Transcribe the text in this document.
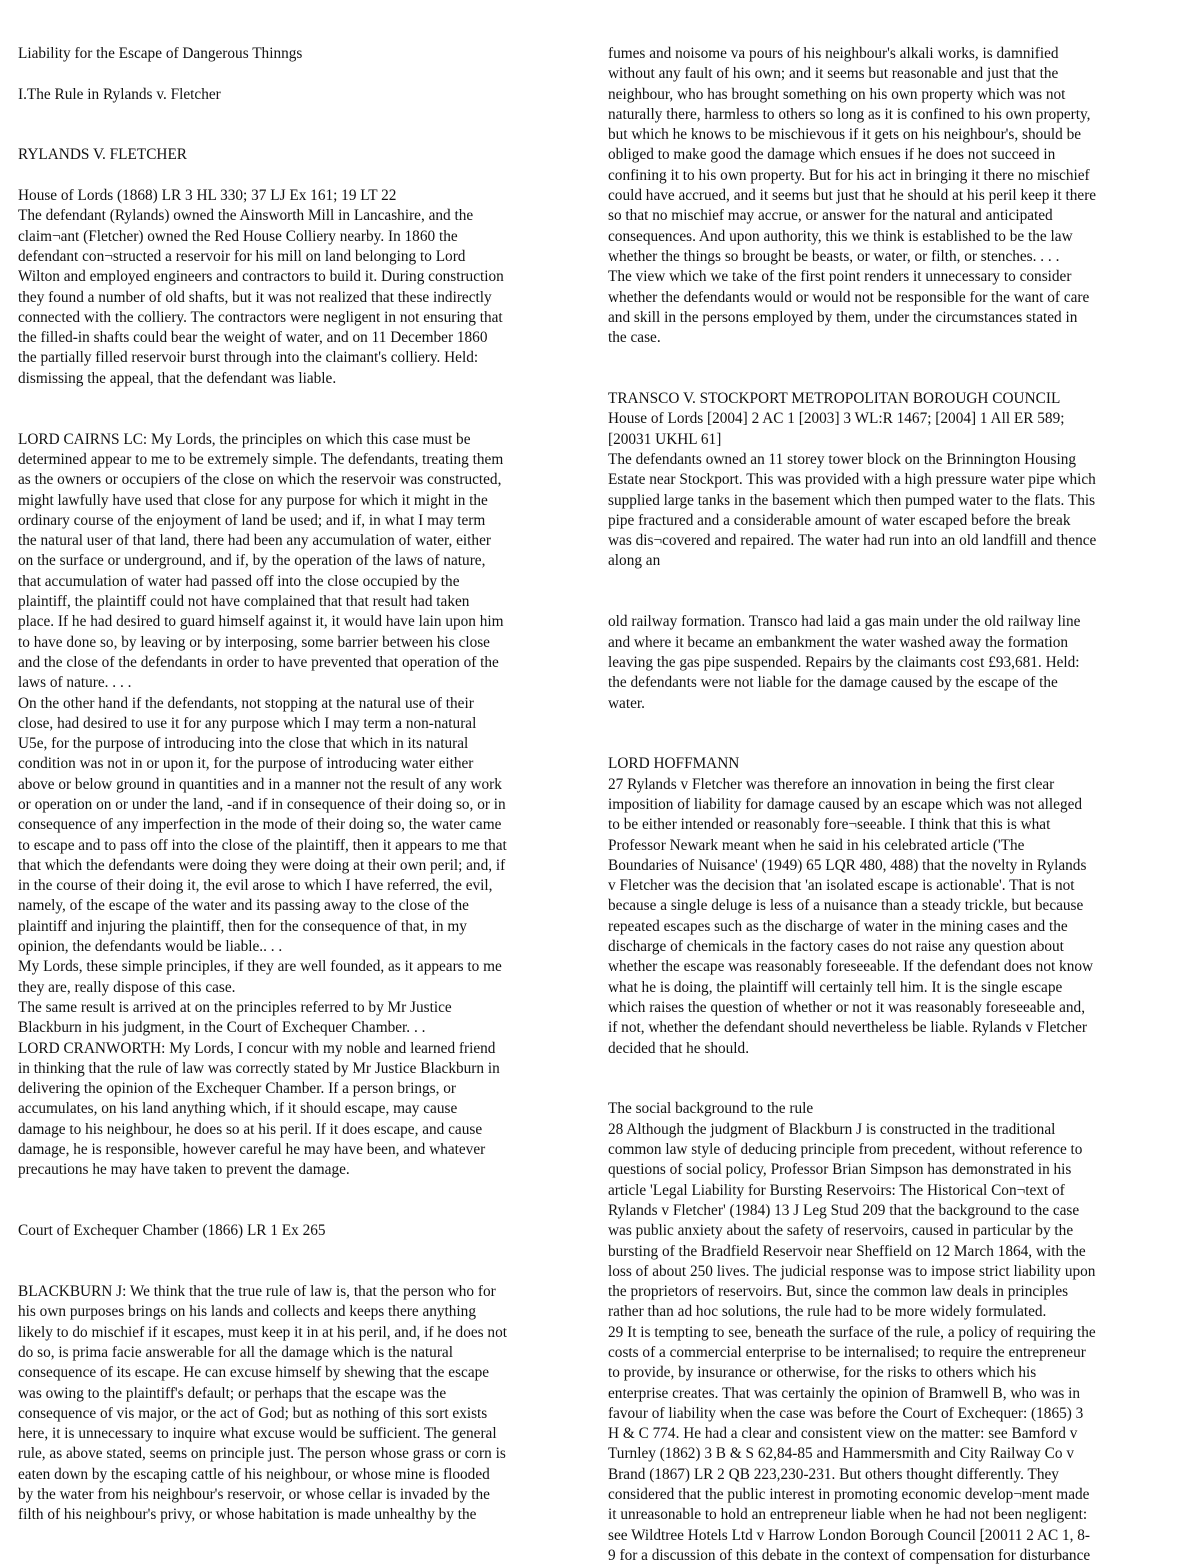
Liability for the Escape of Dangerous Thinngs
I.The Rule in Rylands v. Fletcher
RYLANDS V. FLETCHER
House of Lords (1868) LR 3 HL 330; 37 LJ Ex 161; 19 LT 22
The defendant (Rylands) owned the Ainsworth Mill in Lancashire, and the
claim¬ant (Fletcher) owned the Red House Colliery nearby. In 1860 the
defendant con¬structed a reservoir for his mill on land belonging to Lord
Wilton and employed engineers and contractors to build it. During construction
they found a number of old shafts, but it was not realized that these indirectly
connected with the colliery. The contractors were negligent in not ensuring that
the filled-in shafts could bear the weight of water, and on 11 December 1860
the partially filled reservoir burst through into the claimant's colliery. Held:
dismissing the appeal, that the defendant was liable.
LORD CAIRNS LC: My Lords, the principles on which this case must be
determined appear to me to be extremely simple. The defendants, treating them
as the owners or occupiers of the close on which the reservoir was constructed,
might lawfully have used that close for any purpose for which it might in the
ordinary course of the enjoyment of land be used; and if, in what I may term
the natural user of that land, there had been any accumulation of water, either
on the surface or underground, and if, by the operation of the laws of nature,
that accumulation of water had passed off into the close occupied by the
plaintiff, the plaintiff could not have complained that that result had taken
place. If he had desired to guard himself against it, it would have lain upon him
to have done so, by leaving or by interposing, some barrier between his close
and the close of the defendants in order to have prevented that operation of the
laws of nature. . . .
On the other hand if the defendants, not stopping at the natural use of their
close, had desired to use it for any purpose which I may term a non-natural
U5e, for the purpose of introducing into the close that which in its natural
condition was not in or upon it, for the purpose of introducing water either
above or below ground in quantities and in a manner not the result of any work
or operation on or under the land, -and if in consequence of their doing so, or in
consequence of any imperfection in the mode of their doing so, the water came
to escape and to pass off into the close of the plaintiff, then it appears to me that
that which the defendants were doing they were doing at their own peril; and, if
in the course of their doing it, the evil arose to which I have referred, the evil,
namely, of the escape of the water and its passing away to the close of the
plaintiff and injuring the plaintiff, then for the consequence of that, in my
opinion, the defendants would be liable.. . .
My Lords, these simple principles, if they are well founded, as it appears to me
they are, really dispose of this case.
The same result is arrived at on the principles referred to by Mr Justice
Blackburn in his judgment, in the Court of Exchequer Chamber. . .
LORD CRANWORTH: My Lords, I concur with my noble and learned friend
in thinking that the rule of law was correctly stated by Mr Justice Blackburn in
delivering the opinion of the Exchequer Chamber. If a person brings, or
accumulates, on his land anything which, if it should escape, may cause
damage to his neighbour, he does so at his peril. If it does escape, and cause
damage, he is responsible, however careful he may have been, and whatever
precautions he may have taken to prevent the damage.
Court of Exchequer Chamber (1866) LR 1 Ex 265
BLACKBURN J: We think that the true rule of law is, that the person who for
his own purposes brings on his lands and collects and keeps there anything
likely to do mischief if it escapes, must keep it in at his peril, and, if he does not
do so, is prima facie answerable for all the damage which is the natural
consequence of its escape. He can excuse himself by shewing that the escape
was owing to the plaintiff's default; or perhaps that the escape was the
consequence of vis major, or the act of God; but as nothing of this sort exists
here, it is unnecessary to inquire what excuse would be sufficient. The general
rule, as above stated, seems on principle just. The person whose grass or corn is
eaten down by the escaping cattle of his neighbour, or whose mine is flooded
by the water from his neighbour's reservoir, or whose cellar is invaded by the
filth of his neighbour's privy, or whose habitation is made unhealthy by the
fumes and noisome va pours of his neighbour's alkali works, is damnified
without any fault of his own; and it seems but reasonable and just that the
neighbour, who has brought something on his own property which was not
naturally there, harmless to others so long as it is confined to his own property,
but which he knows to be mischievous if it gets on his neighbour's, should be
obliged to make good the damage which ensues if he does not succeed in
confining it to his own property. But for his act in bringing it there no mischief
could have accrued, and it seems but just that he should at his peril keep it there
so that no mischief may accrue, or answer for the natural and anticipated
consequences. And upon authority, this we think is established to be the law
whether the things so brought be beasts, or water, or filth, or stenches. . . .
The view which we take of the first point renders it unnecessary to consider
whether the defendants would or would not be responsible for the want of care
and skill in the persons employed by them, under the circumstances stated in
the case.
TRANSCO V. STOCKPORT METROPOLITAN BOROUGH COUNCIL
House of Lords [2004] 2 AC 1 [2003] 3 WL:R 1467; [2004] 1 All ER 589;
[20031 UKHL 61]
The defendants owned an 11 storey tower block on the Brinnington Housing
Estate near Stockport. This was provided with a high pressure water pipe which
supplied large tanks in the basement which then pumped water to the flats. This
pipe fractured and a considerable amount of water escaped before the break
was dis¬covered and repaired. The water had run into an old landfill and thence
along an
old railway formation. Transco had laid a gas main under the old railway line
and where it became an embankment the water washed away the formation
leaving the gas pipe suspended. Repairs by the claimants cost £93,681. Held:
the defendants were not liable for the damage caused by the escape of the
water.
LORD HOFFMANN
27 Rylands v Fletcher was therefore an innovation in being the first clear
imposition of liability for damage caused by an escape which was not alleged
to be either intended or reasonably fore¬seeable. I think that this is what
Professor Newark meant when he said in his celebrated article ('The
Boundaries of Nuisance' (1949) 65 LQR 480, 488) that the novelty in Rylands
v Fletcher was the decision that 'an isolated escape is actionable'. That is not
because a single deluge is less of a nuisance than a steady trickle, but because
repeated escapes such as the discharge of water in the mining cases and the
discharge of chemicals in the factory cases do not raise any question about
whether the escape was reasonably foreseeable. If the defendant does not know
what he is doing, the plaintiff will certainly tell him. It is the single escape
which raises the question of whether or not it was reasonably foreseeable and,
if not, whether the defendant should nevertheless be liable. Rylands v Fletcher
decided that he should.
The social background to the rule
28 Although the judgment of Blackburn J is constructed in the traditional
common law style of deducing principle from precedent, without reference to
questions of social policy, Professor Brian Simpson has demonstrated in his
article 'Legal Liability for Bursting Reservoirs: The Historical Con¬text of
Rylands v Fletcher' (1984) 13 J Leg Stud 209 that the background to the case
was public anxiety about the safety of reservoirs, caused in particular by the
bursting of the Bradfield Reservoir near Sheffield on 12 March 1864, with the
loss of about 250 lives. The judicial response was to impose strict liability upon
the proprietors of reservoirs. But, since the common law deals in principles
rather than ad hoc solutions, the rule had to be more widely formulated.
29 It is tempting to see, beneath the surface of the rule, a policy of requiring the
costs of a commercial enterprise to be internalised; to require the entrepreneur
to provide, by insurance or otherwise, for the risks to others which his
enterprise creates. That was certainly the opinion of Bramwell B, who was in
favour of liability when the case was before the Court of Exchequer: (1865) 3
H & C 774. He had a clear and consistent view on the matter: see Bamford v
Turnley (1862) 3 B & S 62,84-85 and Hammersmith and City Railway Co v
Brand (1867) LR 2 QB 223,230-231. But others thought differently. They
considered that the public interest in promoting economic develop¬ment made
it unreasonable to hold an entrepreneur liable when he had not been negligent:
see Wildtree Hotels Ltd v Harrow London Borough Council [20011 2 AC 1, 8-
9 for a discussion of this debate in the context of compensation for disturbance
